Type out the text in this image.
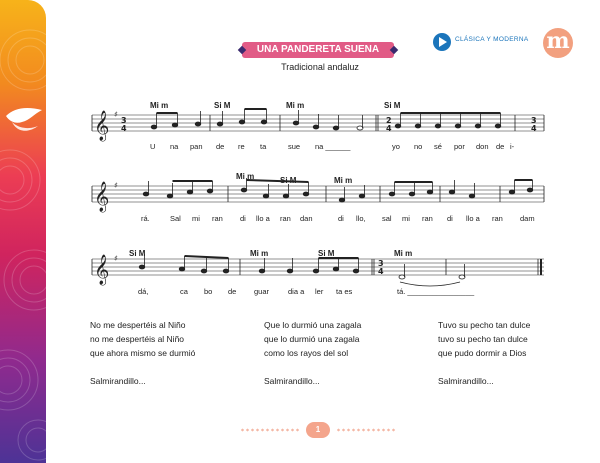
UNA PANDERETA SUENA
Tradicional andaluz
CLÁSICA Y MODERNA m
𝄞
𝄞
𝄞
♯
♯
♯
3
4
2
4
3
4
3
4
Mi m	Si M	Mi m	Si M
Mi m	Si M	Mi m
Si M	Mi m	Si M	Mi m
U na pan de re ta	sue na ______	yo no sé por don de i-
rá.	Sal mi ran di llo a ran dan	di llo, sal mi ran di llo a ran dam
dá,	ca bo de guar	dia a ler ta es	tá. ________________
No me despertéis al Niño
no me despertéis al Niño
que ahora mismo se durmió
Salmirandillo...
Que lo durmió una zagala
que lo durmió una zagala
como los rayos del sol
Salmirandillo...
Tuvo su pecho tan dulce
tuvo su pecho tan dulce
que pudo dormir a Dios
Salmirandillo...
1
